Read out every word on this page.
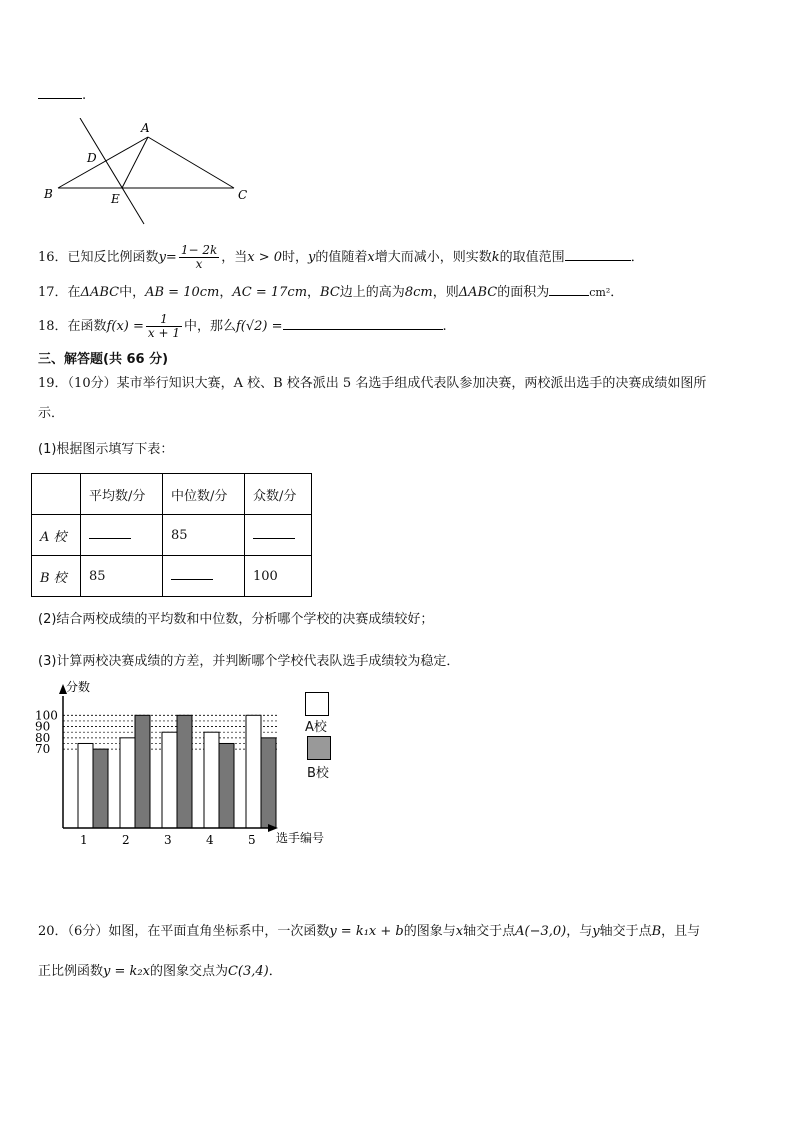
.
A
B	C
D
E
16．已知反比例函数$y= \frac{1- 2k}{x}$ ，当x > 0时，y的值随着x增大而减小，则实数k的取值范围	．
17．在ΔABC中，AB = 10cm，AC = 17cm，BC边上的高为8cm，则ΔABC的面积为	cm²．
18．在函数$f(x) = \frac{1}{x + 1}$ 中，那么f(√2) =	.
三、解答题(共 66 分)
19．（10分）某市举行知识大赛，A 校、B 校各派出 5 名选手组成代表队参加决赛，两校派出选手的决赛成绩如图所
示．
(1)根据图示填写下表：
	平均数/分	中位数/分	众数/分
A 校		85	
B 校	85		100
(2)结合两校成绩的平均数和中位数，分析哪个学校的决赛成绩较好；
(3)计算两校决赛成绩的方差，并判断哪个学校代表队选手成绩较为稳定．
分数
选手编号
100
90
80
70
1	2	3	4	5
A校
B校
20．（6分）如图，在平面直角坐标系中，一次函数y = k₁x + b的图象与x轴交于点A(−3,0)，与y轴交于点B，且与
正比例函数y = k₂x的图象交点为C(3,4)．
